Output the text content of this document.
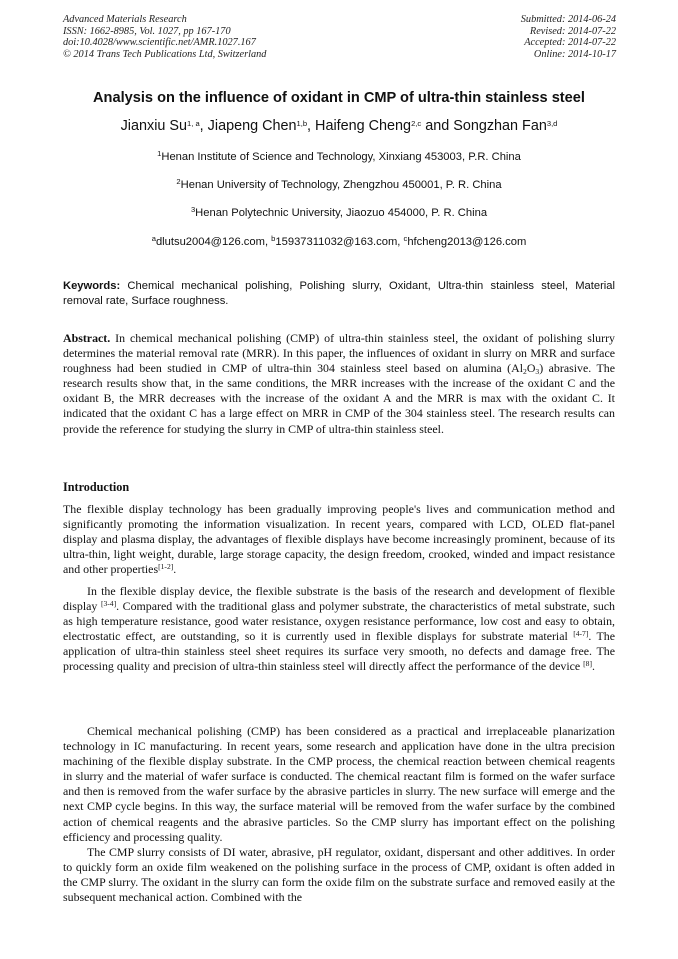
Advanced Materials Research
ISSN: 1662-8985, Vol. 1027, pp 167-170
doi:10.4028/www.scientific.net/AMR.1027.167
© 2014 Trans Tech Publications Ltd, Switzerland
Submitted: 2014-06-24
Revised: 2014-07-22
Accepted: 2014-07-22
Online: 2014-10-17
Analysis on the influence of oxidant in CMP of ultra-thin stainless steel
Jianxiu Su$^{1, a}$, Jiapeng Chen$^{1,b}$, Haifeng Cheng$^{2,c}$ and Songzhan Fan$^{3,d}$
$^1$Henan Institute of Science and Technology, Xinxiang 453003, P.R. China
$^2$Henan University of Technology, Zhengzhou 450001, P. R. China
$^3$Henan Polytechnic University, Jiaozuo 454000, P. R. China
$^a$dlutsu2004@126.com, $^b$15937311032@163.com, $^c$hfcheng2013@126.com
Keywords: Chemical mechanical polishing, Polishing slurry, Oxidant, Ultra-thin stainless steel, Material removal rate, Surface roughness.

Abstract. In chemical mechanical polishing (CMP) of ultra-thin stainless steel, the oxidant of polishing slurry determines the material removal rate (MRR). In this paper, the influences of oxidant in slurry on MRR and surface roughness had been studied in CMP of ultra-thin 304 stainless steel based on alumina $(Al_2O_3)$ abrasive. The research results show that, in the same conditions, the MRR increases with the increase of the oxidant C and the oxidant B, the MRR decreases with the increase of the oxidant A and the MRR is max with the oxidant C. It indicated that the oxidant C has a large effect on MRR in CMP of the 304 stainless steel. The research results can provide the reference for studying the slurry in CMP of ultra-thin stainless steel.

Introduction

The flexible display technology has been gradually improving people's lives and communication method and significantly promoting the information visualization. In recent years, compared with LCD, OLED flat-panel display and plasma display, the advantages of flexible displays have become increasingly prominent, because of its ultra-thin, light weight, durable, large storage capacity, the design freedom, crooked, winded and impact resistance and other properties[1-2].

In the flexible display device, the flexible substrate is the basis of the research and development of flexible display [3-4]. Compared with the traditional glass and polymer substrate, the characteristics of metal substrate, such as high temperature resistance, good water resistance, oxygen resistance performance, low cost and easy to obtain, electrostatic effect, are outstanding, so it is currently used in flexible displays for substrate material [4-7]. The application of ultra-thin stainless steel sheet requires its surface very smooth, no defects and damage free. The processing quality and precision of ultra-thin stainless steel will directly affect the performance of the device [8].

Chemical mechanical polishing (CMP) has been considered as a practical and irreplaceable planarization technology in IC manufacturing. In recent years, some research and application have done in the ultra precision machining of the flexible display substrate. In the CMP process, the chemical reaction between chemical reagents in slurry and the material of wafer surface is conducted. The chemical reactant film is formed on the wafer surface and then is removed from the wafer surface by the abrasive particles in slurry. The new surface will emerge and the next CMP cycle begins. In this way, the surface material will be removed from the wafer surface by the combined action of chemical reagents and the abrasive particles. So the CMP slurry has important effect on the polishing efficiency and processing quality.

The CMP slurry consists of DI water, abrasive, pH regulator, oxidant, dispersant and other additives. In order to quickly form an oxide film weakened on the polishing surface in the process of CMP, oxidant is often added in the CMP slurry. The oxidant in the slurry can form the oxide film on the substrate surface and removed easily at the subsequent mechanical action. Combined with the
